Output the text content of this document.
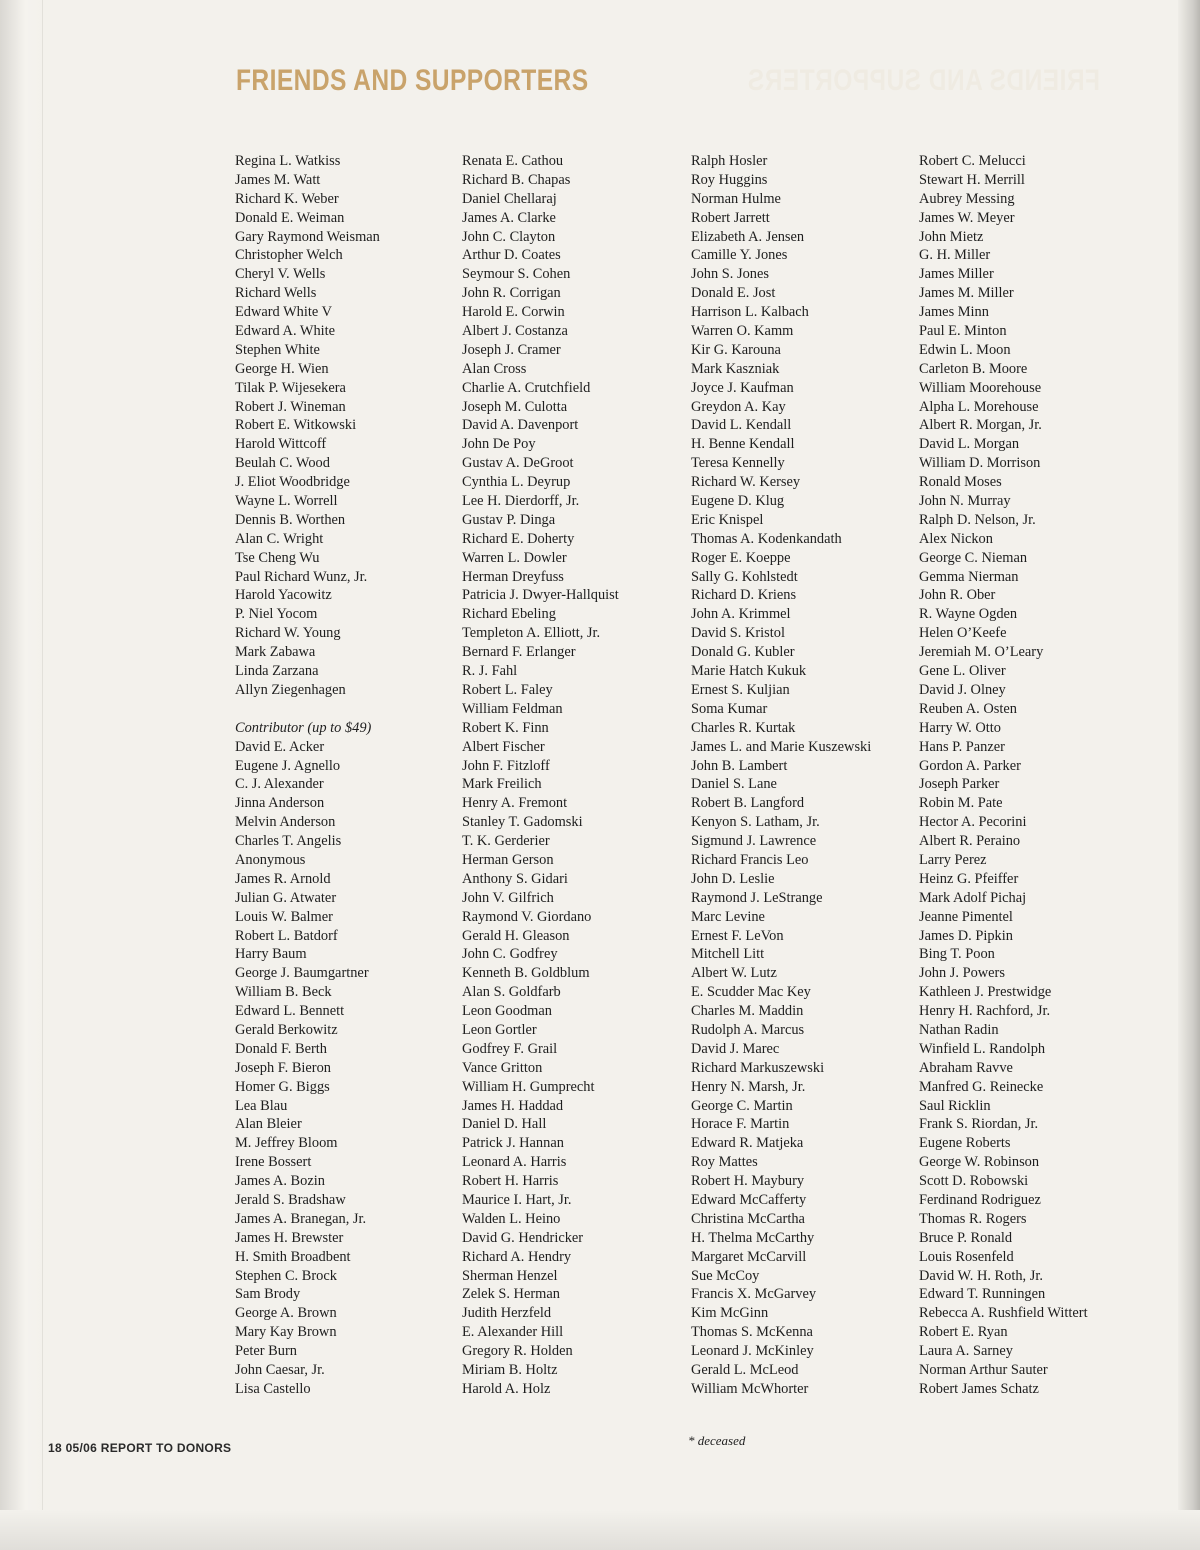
FRIENDS AND SUPPORTERS
FRIENDS AND SUPPORTERS
Regina L. Watkiss
James M. Watt
Richard K. Weber
Donald E. Weiman
Gary Raymond Weisman
Christopher Welch
Cheryl V. Wells
Richard Wells
Edward White V
Edward A. White
Stephen White
George H. Wien
Tilak P. Wijesekera
Robert J. Wineman
Robert E. Witkowski
Harold Wittcoff
Beulah C. Wood
J. Eliot Woodbridge
Wayne L. Worrell
Dennis B. Worthen
Alan C. Wright
Tse Cheng Wu
Paul Richard Wunz, Jr.
Harold Yacowitz
P. Niel Yocom
Richard W. Young
Mark Zabawa
Linda Zarzana
Allyn Ziegenhagen
Contributor (up to $49)
David E. Acker
Eugene J. Agnello
C. J. Alexander
Jinna Anderson
Melvin Anderson
Charles T. Angelis
Anonymous
James R. Arnold
Julian G. Atwater
Louis W. Balmer
Robert L. Batdorf
Harry Baum
George J. Baumgartner
William B. Beck
Edward L. Bennett
Gerald Berkowitz
Donald F. Berth
Joseph F. Bieron
Homer G. Biggs
Lea Blau
Alan Bleier
M. Jeffrey Bloom
Irene Bossert
James A. Bozin
Jerald S. Bradshaw
James A. Branegan, Jr.
James H. Brewster
H. Smith Broadbent
Stephen C. Brock
Sam Brody
George A. Brown
Mary Kay Brown
Peter Burn
John Caesar, Jr.
Lisa Castello
Renata E. Cathou
Richard B. Chapas
Daniel Chellaraj
James A. Clarke
John C. Clayton
Arthur D. Coates
Seymour S. Cohen
John R. Corrigan
Harold E. Corwin
Albert J. Costanza
Joseph J. Cramer
Alan Cross
Charlie A. Crutchfield
Joseph M. Culotta
David A. Davenport
John De Poy
Gustav A. DeGroot
Cynthia L. Deyrup
Lee H. Dierdorff, Jr.
Gustav P. Dinga
Richard E. Doherty
Warren L. Dowler
Herman Dreyfuss
Patricia J. Dwyer-Hallquist
Richard Ebeling
Templeton A. Elliott, Jr.
Bernard F. Erlanger
R. J. Fahl
Robert L. Faley
William Feldman
Robert K. Finn
Albert Fischer
John F. Fitzloff
Mark Freilich
Henry A. Fremont
Stanley T. Gadomski
T. K. Gerderier
Herman Gerson
Anthony S. Gidari
John V. Gilfrich
Raymond V. Giordano
Gerald H. Gleason
John C. Godfrey
Kenneth B. Goldblum
Alan S. Goldfarb
Leon Goodman
Leon Gortler
Godfrey F. Grail
Vance Gritton
William H. Gumprecht
James H. Haddad
Daniel D. Hall
Patrick J. Hannan
Leonard A. Harris
Robert H. Harris
Maurice I. Hart, Jr.
Walden L. Heino
David G. Hendricker
Richard A. Hendry
Sherman Henzel
Zelek S. Herman
Judith Herzfeld
E. Alexander Hill
Gregory R. Holden
Miriam B. Holtz
Harold A. Holz
Ralph Hosler
Roy Huggins
Norman Hulme
Robert Jarrett
Elizabeth A. Jensen
Camille Y. Jones
John S. Jones
Donald E. Jost
Harrison L. Kalbach
Warren O. Kamm
Kir G. Karouna
Mark Kaszniak
Joyce J. Kaufman
Greydon A. Kay
David L. Kendall
H. Benne Kendall
Teresa Kennelly
Richard W. Kersey
Eugene D. Klug
Eric Knispel
Thomas A. Kodenkandath
Roger E. Koeppe
Sally G. Kohlstedt
Richard D. Kriens
John A. Krimmel
David S. Kristol
Donald G. Kubler
Marie Hatch Kukuk
Ernest S. Kuljian
Soma Kumar
Charles R. Kurtak
James L. and Marie Kuszewski
John B. Lambert
Daniel S. Lane
Robert B. Langford
Kenyon S. Latham, Jr.
Sigmund J. Lawrence
Richard Francis Leo
John D. Leslie
Raymond J. LeStrange
Marc Levine
Ernest F. LeVon
Mitchell Litt
Albert W. Lutz
E. Scudder Mac Key
Charles M. Maddin
Rudolph A. Marcus
David J. Marec
Richard Markuszewski
Henry N. Marsh, Jr.
George C. Martin
Horace F. Martin
Edward R. Matjeka
Roy Mattes
Robert H. Maybury
Edward McCafferty
Christina McCartha
H. Thelma McCarthy
Margaret McCarvill
Sue McCoy
Francis X. McGarvey
Kim McGinn
Thomas S. McKenna
Leonard J. McKinley
Gerald L. McLeod
William McWhorter
Robert C. Melucci
Stewart H. Merrill
Aubrey Messing
James W. Meyer
John Mietz
G. H. Miller
James Miller
James M. Miller
James Minn
Paul E. Minton
Edwin L. Moon
Carleton B. Moore
William Moorehouse
Alpha L. Morehouse
Albert R. Morgan, Jr.
David L. Morgan
William D. Morrison
Ronald Moses
John N. Murray
Ralph D. Nelson, Jr.
Alex Nickon
George C. Nieman
Gemma Nierman
John R. Ober
R. Wayne Ogden
Helen O’Keefe
Jeremiah M. O’Leary
Gene L. Oliver
David J. Olney
Reuben A. Osten
Harry W. Otto
Hans P. Panzer
Gordon A. Parker
Joseph Parker
Robin M. Pate
Hector A. Pecorini
Albert R. Peraino
Larry Perez
Heinz G. Pfeiffer
Mark Adolf Pichaj
Jeanne Pimentel
James D. Pipkin
Bing T. Poon
John J. Powers
Kathleen J. Prestwidge
Henry H. Rachford, Jr.
Nathan Radin
Winfield L. Randolph
Abraham Ravve
Manfred G. Reinecke
Saul Ricklin
Frank S. Riordan, Jr.
Eugene Roberts
George W. Robinson
Scott D. Robowski
Ferdinand Rodriguez
Thomas R. Rogers
Bruce P. Ronald
Louis Rosenfeld
David W. H. Roth, Jr.
Edward T. Runningen
Rebecca A. Rushfield Wittert
Robert E. Ryan
Laura A. Sarney
Norman Arthur Sauter
Robert James Schatz
18 05/06 REPORT TO DONORS	* deceased
